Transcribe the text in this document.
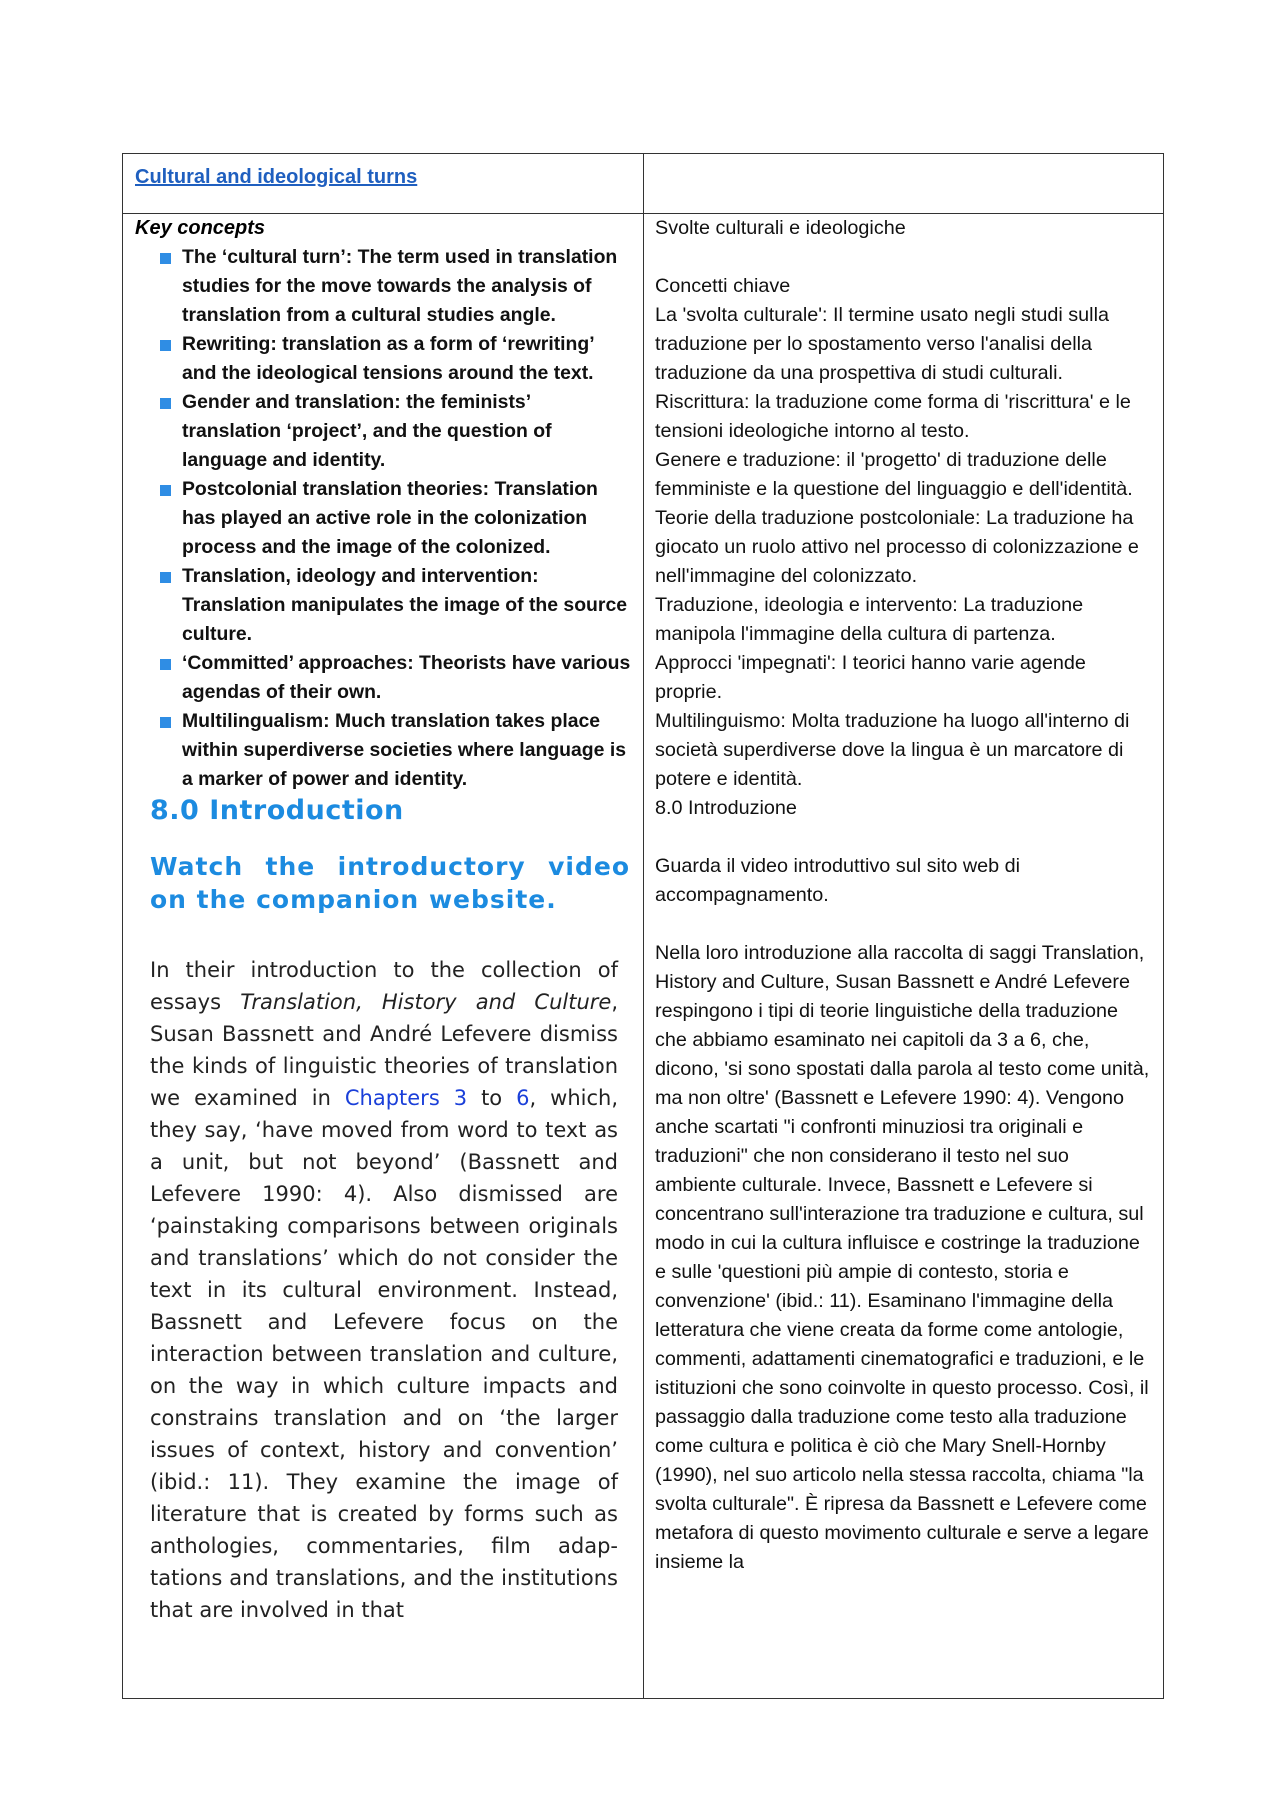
Cultural and ideological turns
Key concepts
The ‘cultural turn’: The term used in translation studies for the move towards the analysis of translation from a cultural studies angle.
Rewriting: translation as a form of ‘rewriting’ and the ideological tensions around the text.
Gender and translation: the feminists’ translation ‘project’, and the question of language and identity.
Postcolonial translation theories: Translation has played an active role in the colonization process and the image of the colonized.
Translation, ideology and intervention: Translation manipulates the image of the source culture.
‘Committed’ approaches: Theorists have various agendas of their own.
Multilingualism: Much translation takes place within superdiverse societies where language is a marker of power and identity.
8.0 Introduction
Watch the introductory video on the companion website.
In their introduction to the collection of essays Translation, History and Culture, Susan Bassnett and André Lefevere dismiss the kinds of linguistic theories of translation we examined in Chapters 3 to 6, which, they say, ‘have moved from word to text as a unit, but not beyond’ (Bassnett and Lefevere 1990: 4). Also dismissed are ‘painstaking comparisons between originals and translations’ which do not consider the text in its cultural environment. Instead, Bassnett and Lefevere focus on the interaction between translation and culture, on the way in which culture impacts and constrains translation and on ‘the larger issues of context, history and convention’ (ibid.: 11). They examine the image of literature that is created by forms such as anthologies, commentaries, film adap- tations and translations, and the institutions that are involved in that

Svolte culturali e ideologiche

Concetti chiave

La 'svolta culturale': Il termine usato negli studi sulla traduzione per lo spostamento verso l'analisi della traduzione da una prospettiva di studi culturali.

Riscrittura: la traduzione come forma di 'riscrittura' e le tensioni ideologiche intorno al testo.

Genere e traduzione: il 'progetto' di traduzione delle femministe e la questione del linguaggio e dell'identità.

Teorie della traduzione postcoloniale: La traduzione ha giocato un ruolo attivo nel processo di colonizzazione e nell'immagine del colonizzato.

Traduzione, ideologia e intervento: La traduzione manipola l'immagine della cultura di partenza.

Approcci 'impegnati': I teorici hanno varie agende proprie.

Multilinguismo: Molta traduzione ha luogo all'interno di società superdiverse dove la lingua è un marcatore di potere e identità.

8.0 Introduzione

Guarda il video introduttivo sul sito web di accompagnamento.

Nella loro introduzione alla raccolta di saggi Translation, History and Culture, Susan Bassnett e André Lefevere respingono i tipi di teorie linguistiche della traduzione che abbiamo esaminato nei capitoli da 3 a 6, che, dicono, 'si sono spostati dalla parola al testo come unità, ma non oltre' (Bassnett e Lefevere 1990: 4). Vengono anche scartati "i confronti minuziosi tra originali e traduzioni" che non considerano il testo nel suo ambiente culturale. Invece, Bassnett e Lefevere si concentrano sull'interazione tra traduzione e cultura, sul modo in cui la cultura influisce e costringe la traduzione e sulle 'questioni più ampie di contesto, storia e convenzione' (ibid.: 11). Esaminano l'immagine della letteratura che viene creata da forme come antologie, commenti, adattamenti cinematografici e traduzioni, e le istituzioni che sono coinvolte in questo processo. Così, il passaggio dalla traduzione come testo alla traduzione come cultura e politica è ciò che Mary Snell-Hornby (1990), nel suo articolo nella stessa raccolta, chiama "la svolta culturale". È ripresa da Bassnett e Lefevere come metafora di questo movimento culturale e serve a legare insieme la
